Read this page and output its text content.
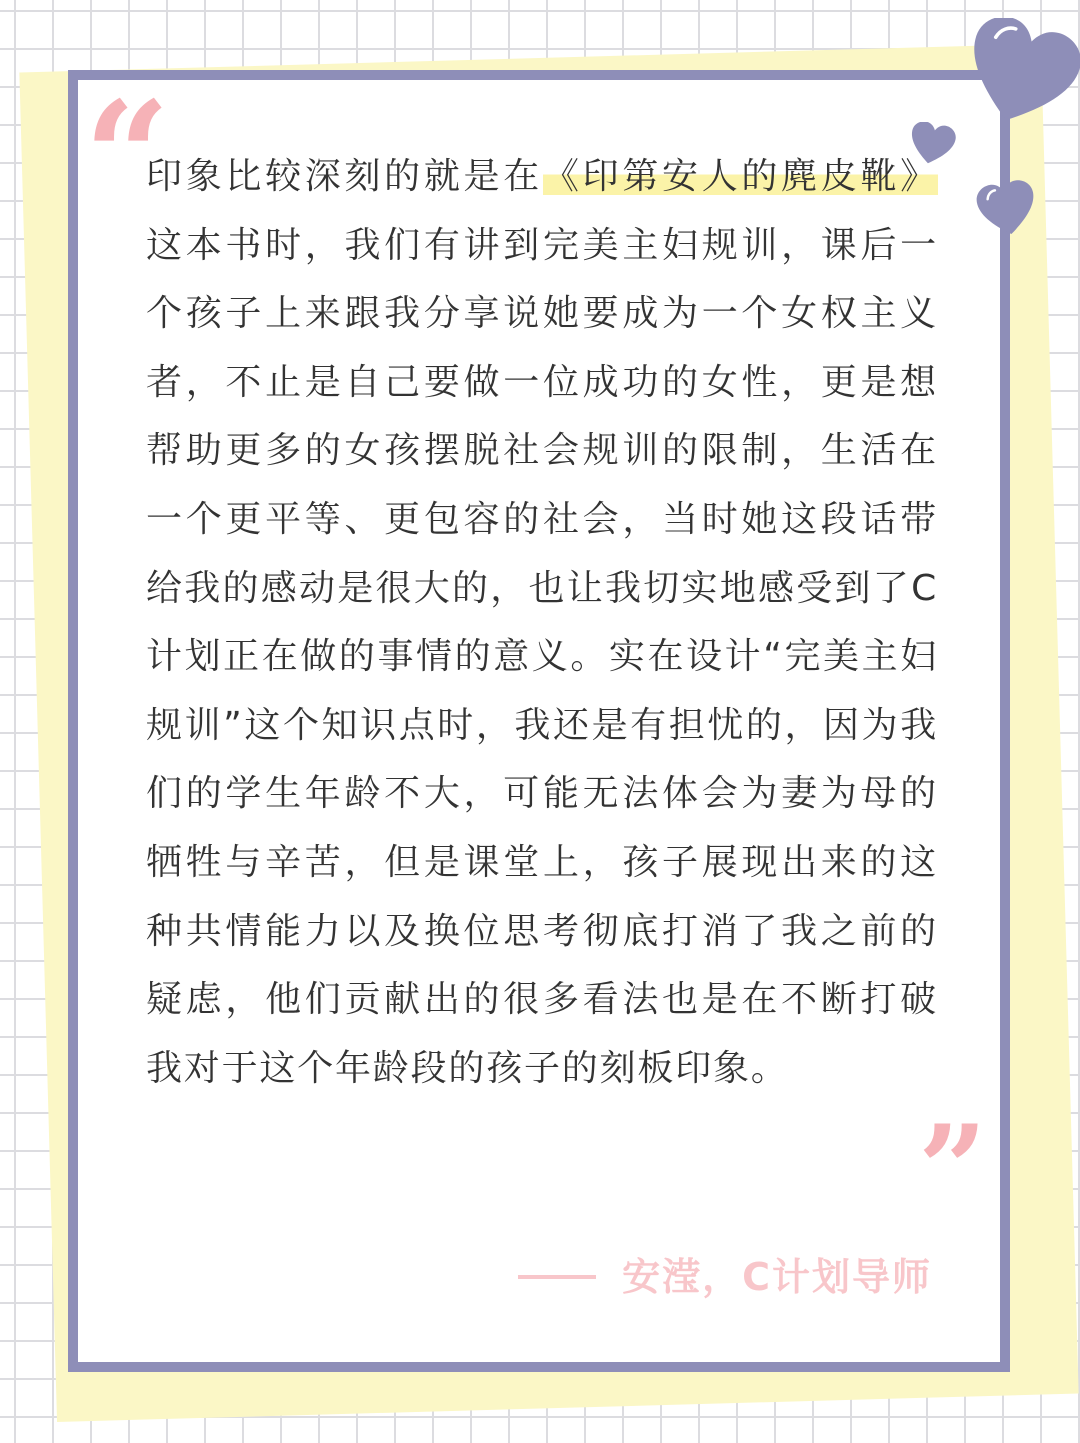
“

印象比较深刻的就是在《印第安人的麂皮靴》这本书时，我们有讲到完美主妇规训，课后一个孩子上来跟我分享说她要成为一个女权主义者，不止是自己要做一位成功的女性，更是想帮助更多的女孩摆脱社会规训的限制，生活在一个更平等、更包容的社会，当时她这段话带给我的感动是很大的，也让我切实地感受到了C计划正在做的事情的意义。实在设计“完美主妇规训”这个知识点时，我还是有担忧的，因为我们的学生年龄不大，可能无法体会为妻为母的牺牲与辛苦，但是课堂上，孩子展现出来的这种共情能力以及换位思考彻底打消了我之前的疑虑，他们贡献出的很多看法也是在不断打破我对于这个年龄段的孩子的刻板印象。

”
安滢，C计划导师
